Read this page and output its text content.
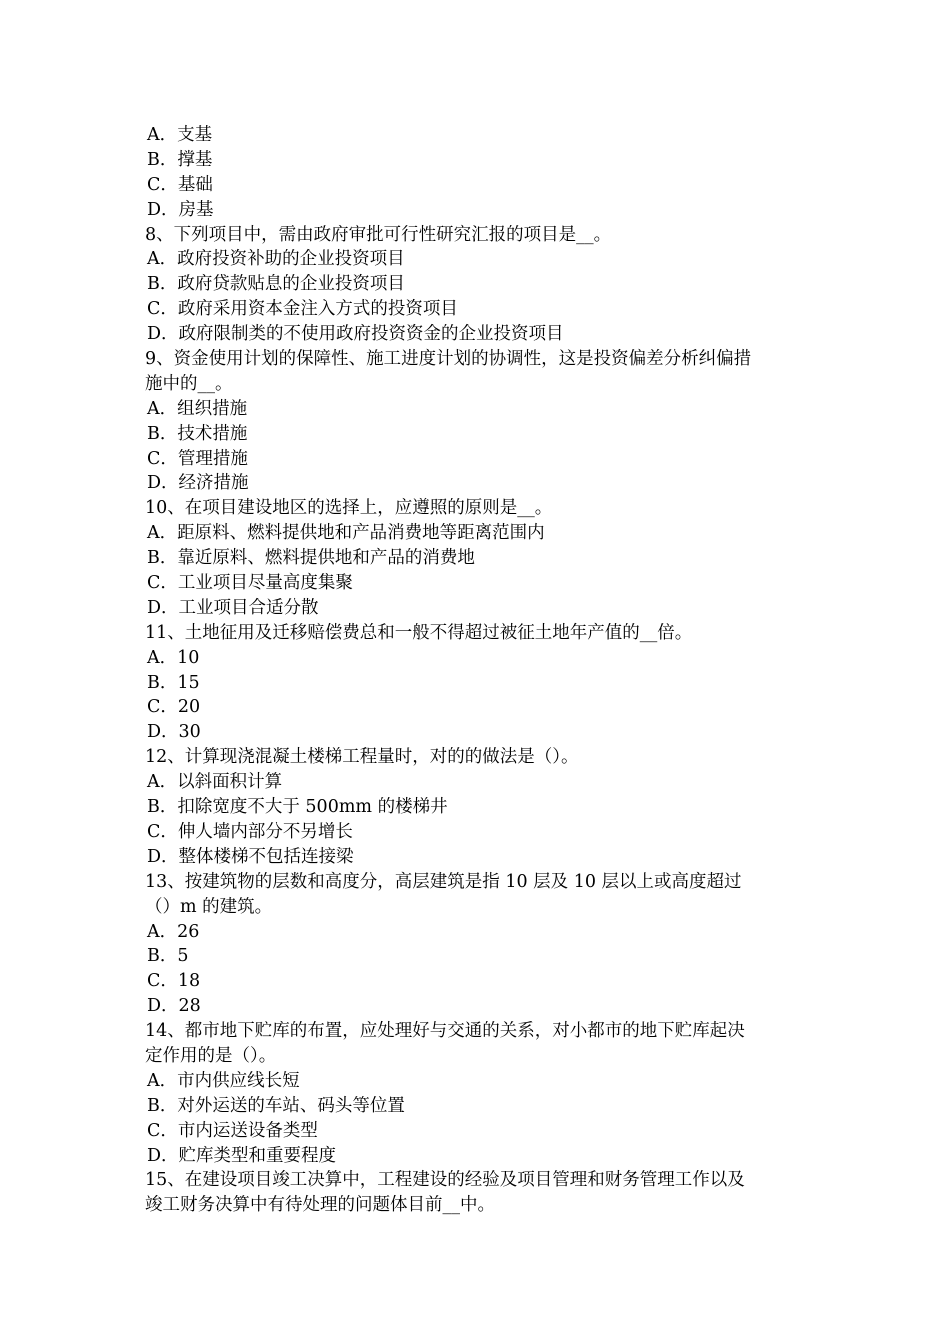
A．支基
B．撑基
C．基础
D．房基
8、下列项目中，需由政府审批可行性研究汇报的项目是__。
A．政府投资补助的企业投资项目
B．政府贷款贴息的企业投资项目
C．政府采用资本金注入方式的投资项目
D．政府限制类的不使用政府投资资金的企业投资项目
9、资金使用计划的保障性、施工进度计划的协调性，这是投资偏差分析纠偏措
施中的__。
A．组织措施
B．技术措施
C．管理措施
D．经济措施
10、在项目建设地区的选择上，应遵照的原则是__。
A．距原料、燃料提供地和产品消费地等距离范围内
B．靠近原料、燃料提供地和产品的消费地
C．工业项目尽量高度集聚
D．工业项目合适分散
11、土地征用及迁移赔偿费总和一般不得超过被征土地年产值的__倍。
A．10
B．15
C．20
D．30
12、计算现浇混凝土楼梯工程量时，对的的做法是（）。
A．以斜面积计算
B．扣除宽度不大于 500mm 的楼梯井
C．伸人墙内部分不另增长
D．整体楼梯不包括连接梁
13、按建筑物的层数和高度分，高层建筑是指 10 层及 10 层以上或高度超过
（）m 的建筑。
A．26
B．5
C．18
D．28
14、都市地下贮库的布置，应处理好与交通的关系，对小都市的地下贮库起决
定作用的是（）。
A．市内供应线长短
B．对外运送的车站、码头等位置
C．市内运送设备类型
D．贮库类型和重要程度
15、在建设项目竣工决算中，工程建设的经验及项目管理和财务管理工作以及
竣工财务决算中有待处理的问题体目前__中。
